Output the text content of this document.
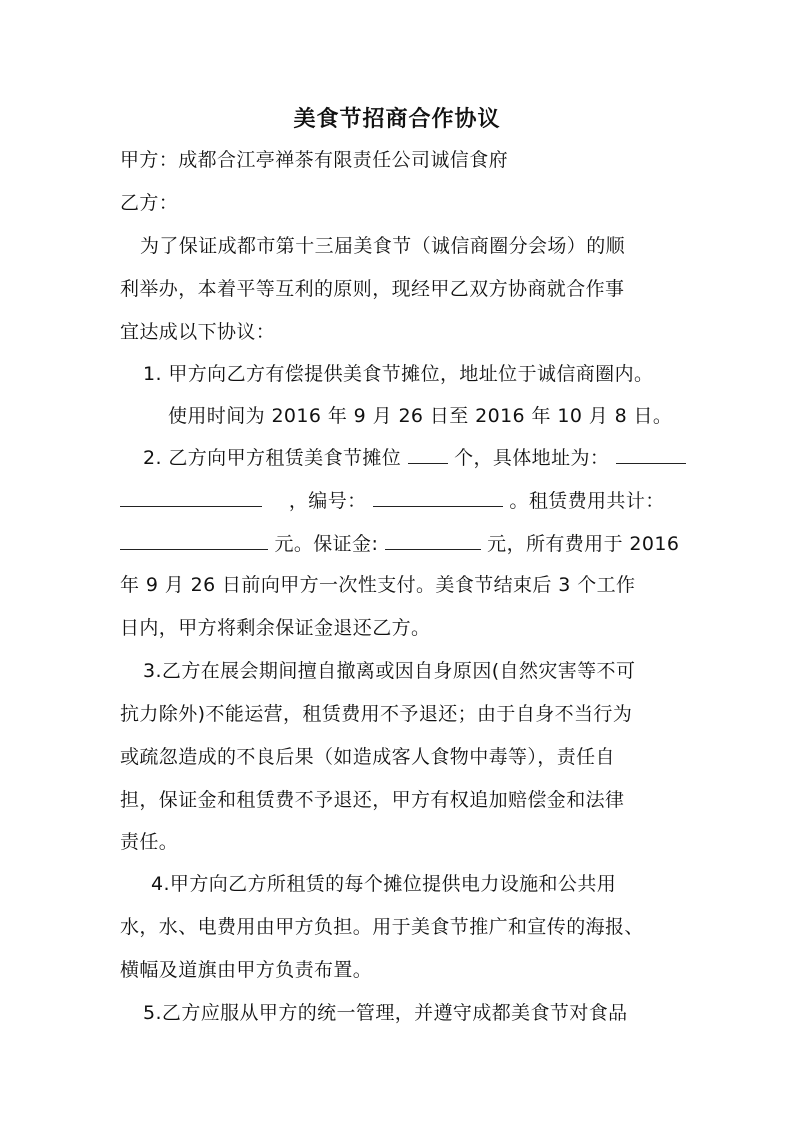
美食节招商合作协议
甲方：成都合江亭禅茶有限责任公司诚信食府
乙方：
为了保证成都市第十三届美食节（诚信商圈分会场）的顺
利举办，本着平等互利的原则，现经甲乙双方协商就合作事
宜达成以下协议：
1. 甲方向乙方有偿提供美食节摊位，地址位于诚信商圈内。
使用时间为 2016 年 9 月 26 日至 2016 年 10 月 8 日。
2. 乙方向甲方租赁美食节摊位	个，具体地址为：
，编号：	。租赁费用共计：
元。保证金:	元，所有费用于 2016
年 9 月 26 日前向甲方一次性支付。美食节结束后 3 个工作
日内，甲方将剩余保证金退还乙方。
3.乙方在展会期间擅自撤离或因自身原因(自然灾害等不可
抗力除外)不能运营，租赁费用不予退还；由于自身不当行为
或疏忽造成的不良后果（如造成客人食物中毒等），责任自
担，保证金和租赁费不予退还，甲方有权追加赔偿金和法律
责任。
4.甲方向乙方所租赁的每个摊位提供电力设施和公共用
水，水、电费用由甲方负担。用于美食节推广和宣传的海报、
横幅及道旗由甲方负责布置。
5.乙方应服从甲方的统一管理，并遵守成都美食节对食品
